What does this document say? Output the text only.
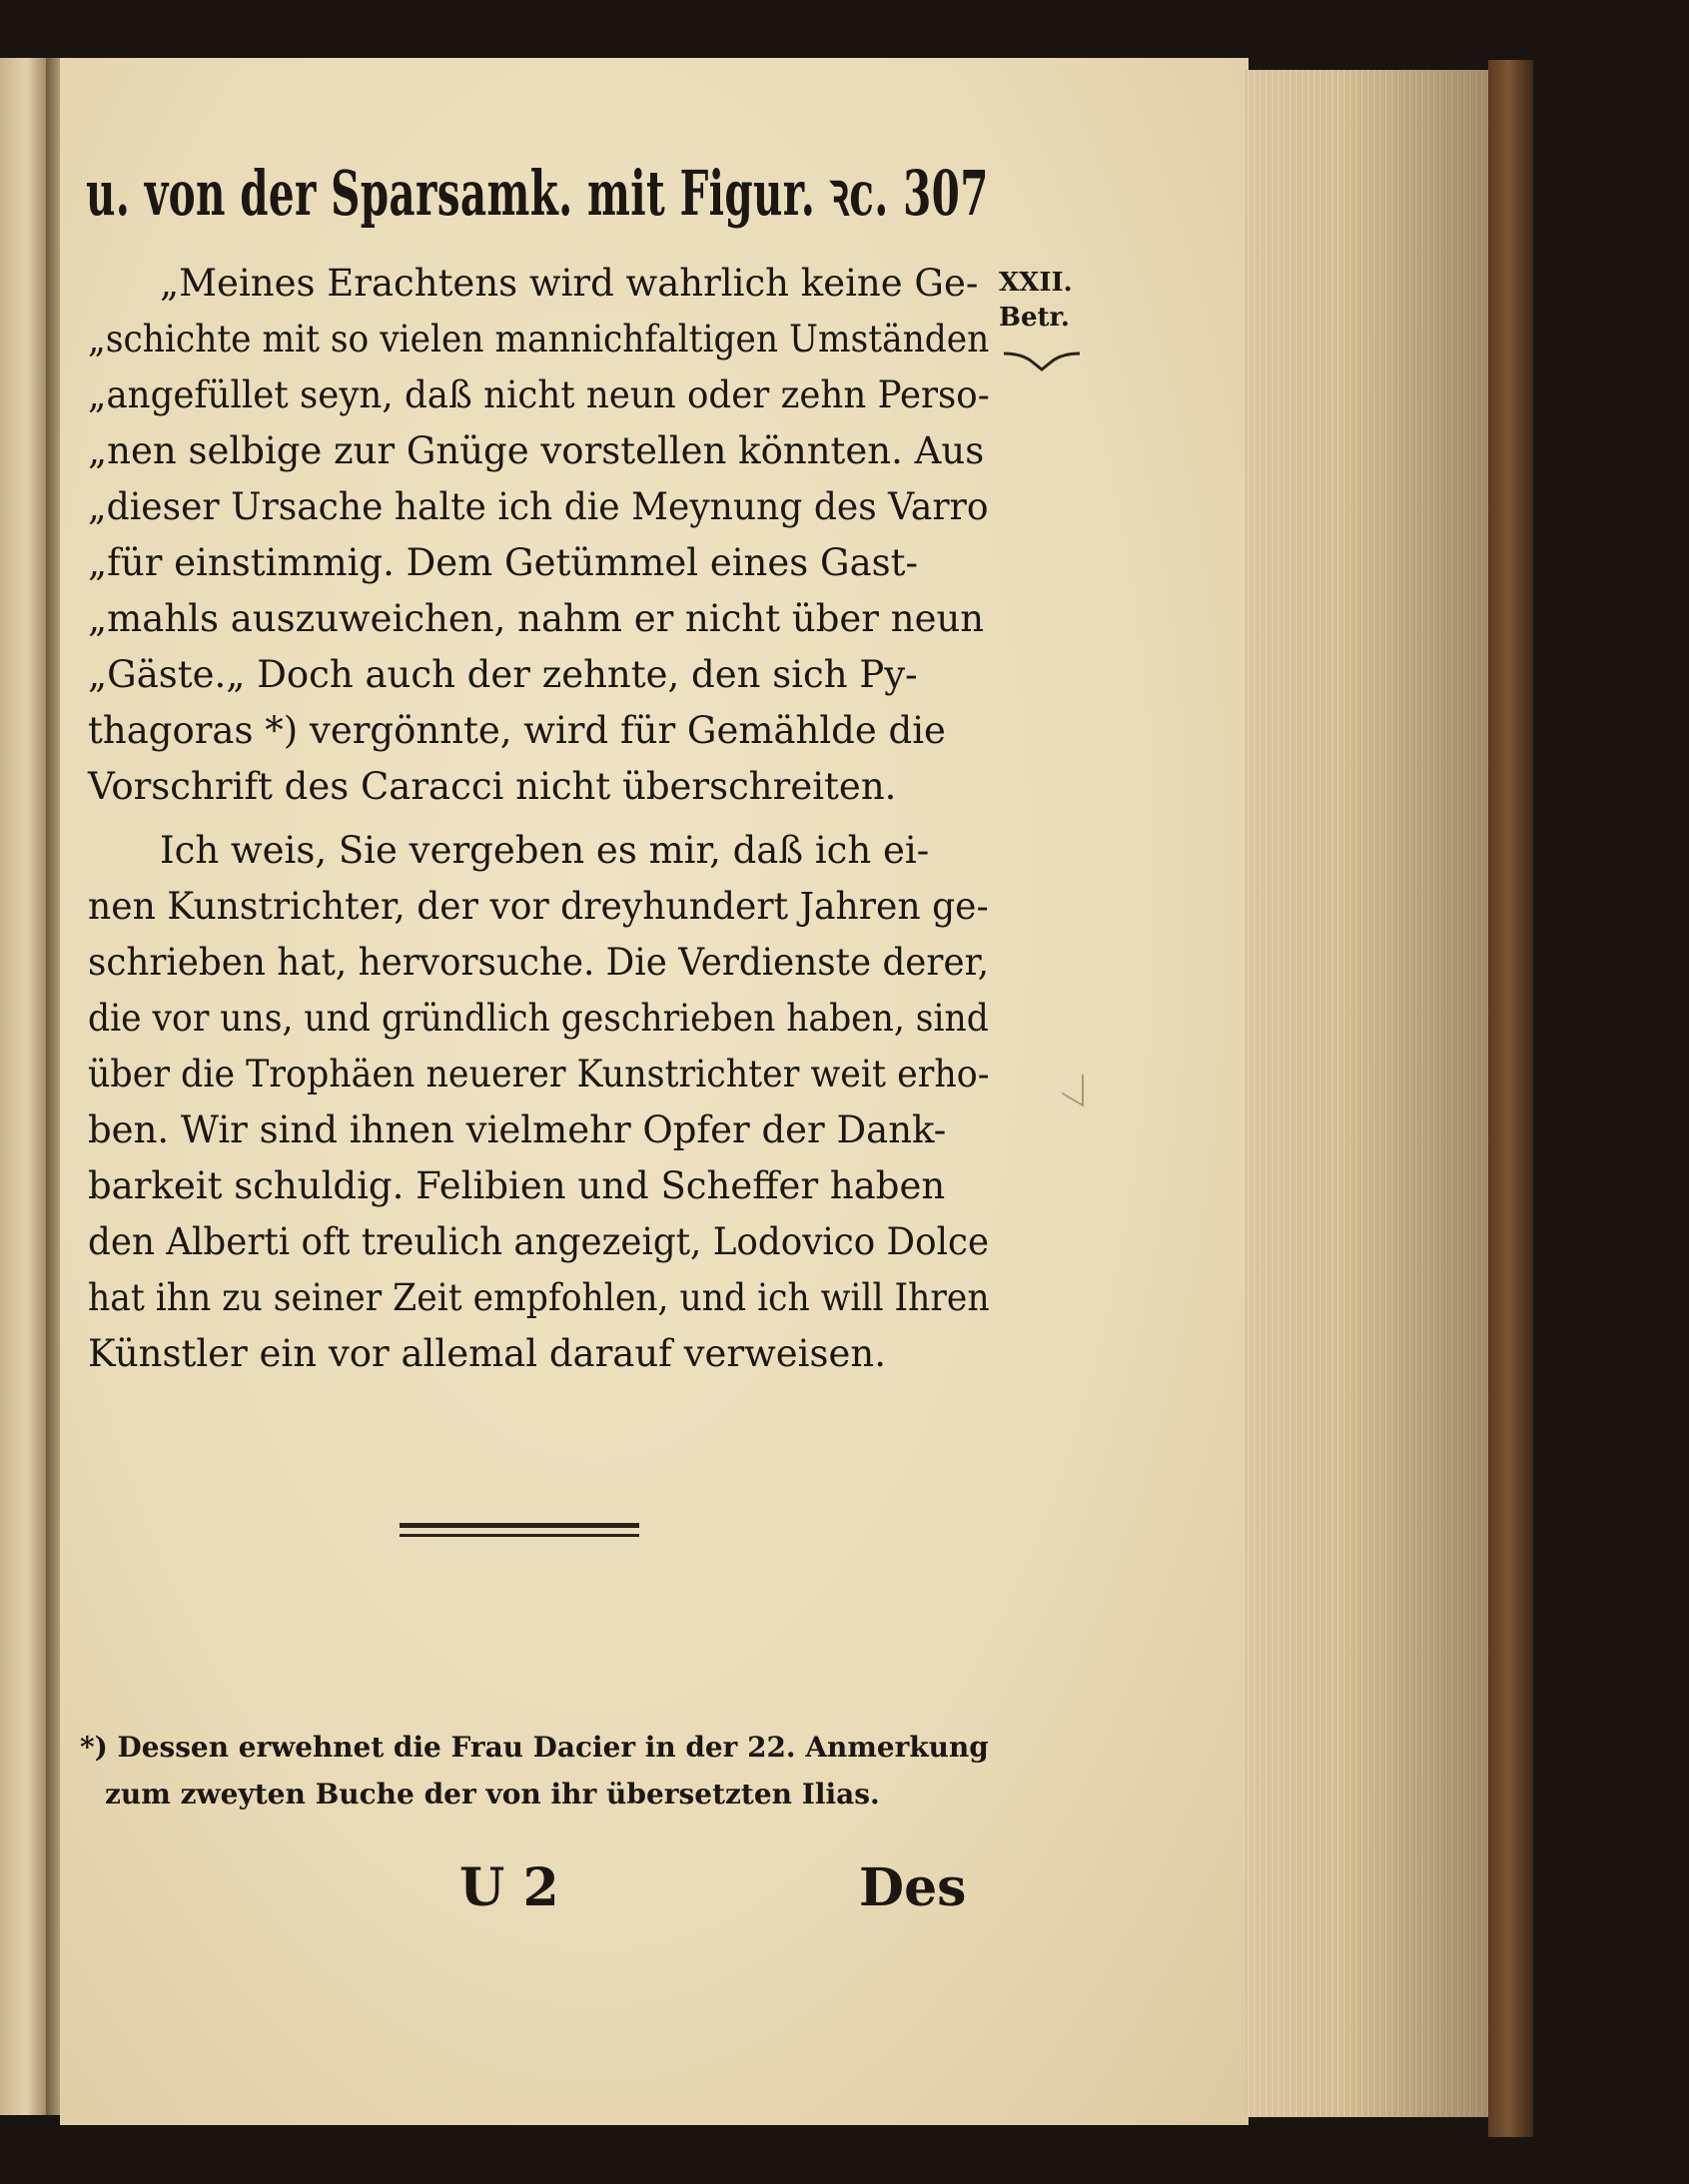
u. von der Sparsamk. mit Figur. ꝛc. 307
XXII.
Betr.
„Meines Erachtens wird wahrlich keine Ge-
„schichte mit so vielen mannichfaltigen Umständen
„angefüllet seyn, daß nicht neun oder zehn Perso-
„nen selbige zur Gnüge vorstellen könnten. Aus
„dieser Ursache halte ich die Meynung des Varro
„für einstimmig. Dem Getümmel eines Gast-
„mahls auszuweichen, nahm er nicht über neun
„Gäste.„ Doch auch der zehnte, den sich Py-
thagoras *) vergönnte, wird für Gemählde die
Vorschrift des Caracci nicht überschreiten.
Ich weis, Sie vergeben es mir, daß ich ei-
nen Kunstrichter, der vor dreyhundert Jahren ge-
schrieben hat, hervorsuche. Die Verdienste derer,
die vor uns, und gründlich geschrieben haben, sind
über die Trophäen neuerer Kunstrichter weit erho-
ben. Wir sind ihnen vielmehr Opfer der Dank-
barkeit schuldig. Felibien und Scheffer haben
den Alberti oft treulich angezeigt, Lodovico Dolce
hat ihn zu seiner Zeit empfohlen, und ich will Ihren
Künstler ein vor allemal darauf verweisen.
*) Dessen erwehnet die Frau Dacier in der 22. Anmerkung
zum zweyten Buche der von ihr übersetzten Ilias.
U 2	Des
